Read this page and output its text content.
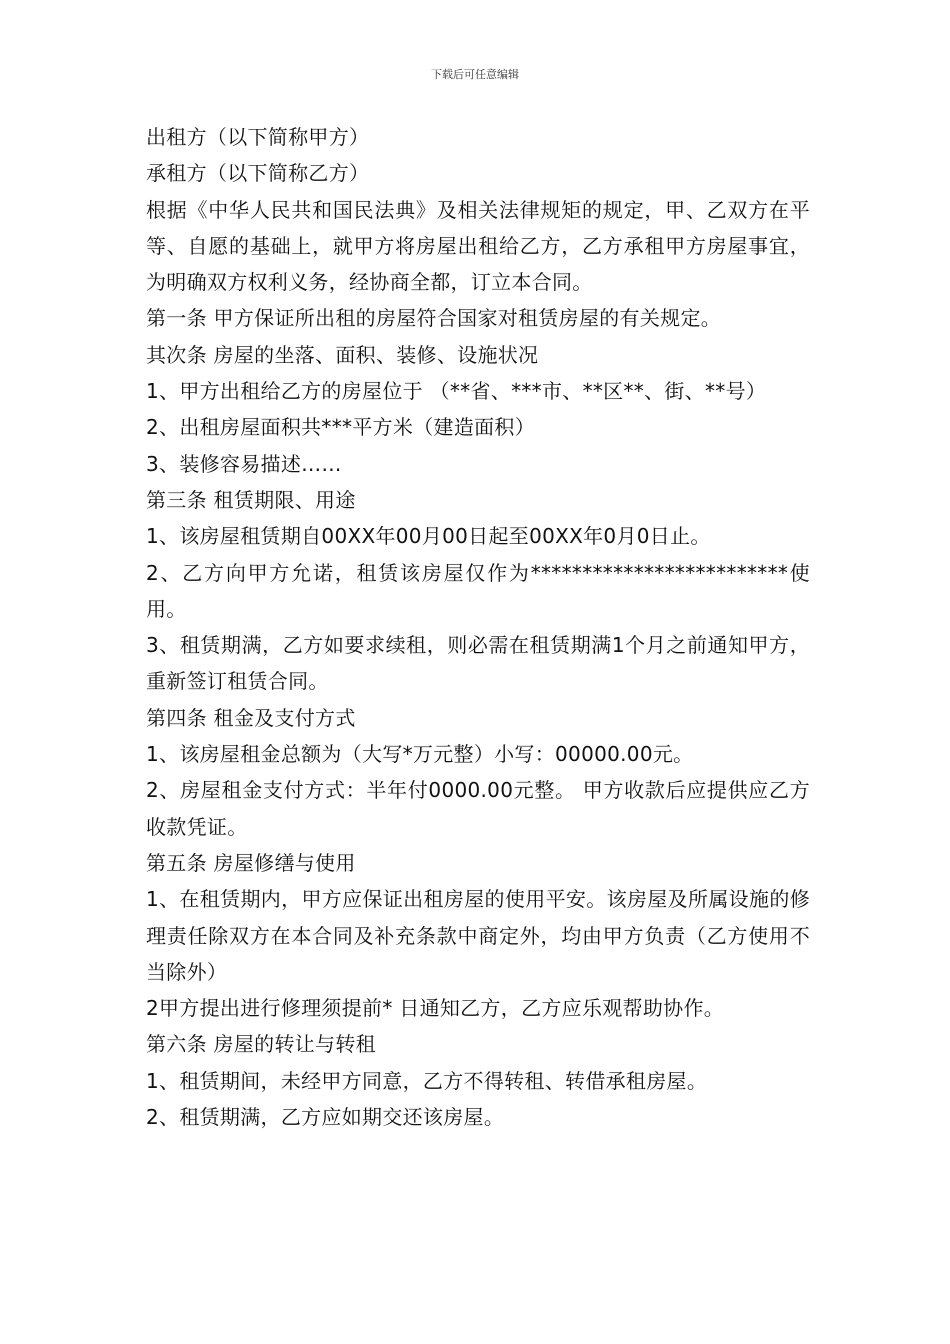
下载后可任意编辑

出租方（以下简称甲方）

承租方（以下简称乙方）

根据《中华人民共和国民法典》及相关法律规矩的规定，甲、乙双方在平等、自愿的基础上，就甲方将房屋出租给乙方，乙方承租甲方房屋事宜，为明确双方权利义务，经协商全都，订立本合同。

第一条 甲方保证所出租的房屋符合国家对租赁房屋的有关规定。

其次条 房屋的坐落、面积、装修、设施状况

1、甲方出租给乙方的房屋位于 （**省、***市、**区**、街、**号）

2、出租房屋面积共***平方米（建造面积）

3、装修容易描述……

第三条 租赁期限、用途

1、该房屋租赁期自00XX年00月00日起至00XX年0月0日止。

2、乙方向甲方允诺，租赁该房屋仅作为*************************使用。

3、租赁期满，乙方如要求续租，则必需在租赁期满1个月之前通知甲方，重新签订租赁合同。

第四条 租金及支付方式

1、该房屋租金总额为（大写*万元整）小写：00000.00元。

2、房屋租金支付方式：半年付0000.00元整。 甲方收款后应提供应乙方收款凭证。

第五条 房屋修缮与使用

1、在租赁期内，甲方应保证出租房屋的使用平安。该房屋及所属设施的修理责任除双方在本合同及补充条款中商定外，均由甲方负责（乙方使用不当除外）

2甲方提出进行修理须提前* 日通知乙方，乙方应乐观帮助协作。

第六条 房屋的转让与转租

1、租赁期间，未经甲方同意，乙方不得转租、转借承租房屋。

2、租赁期满，乙方应如期交还该房屋。
